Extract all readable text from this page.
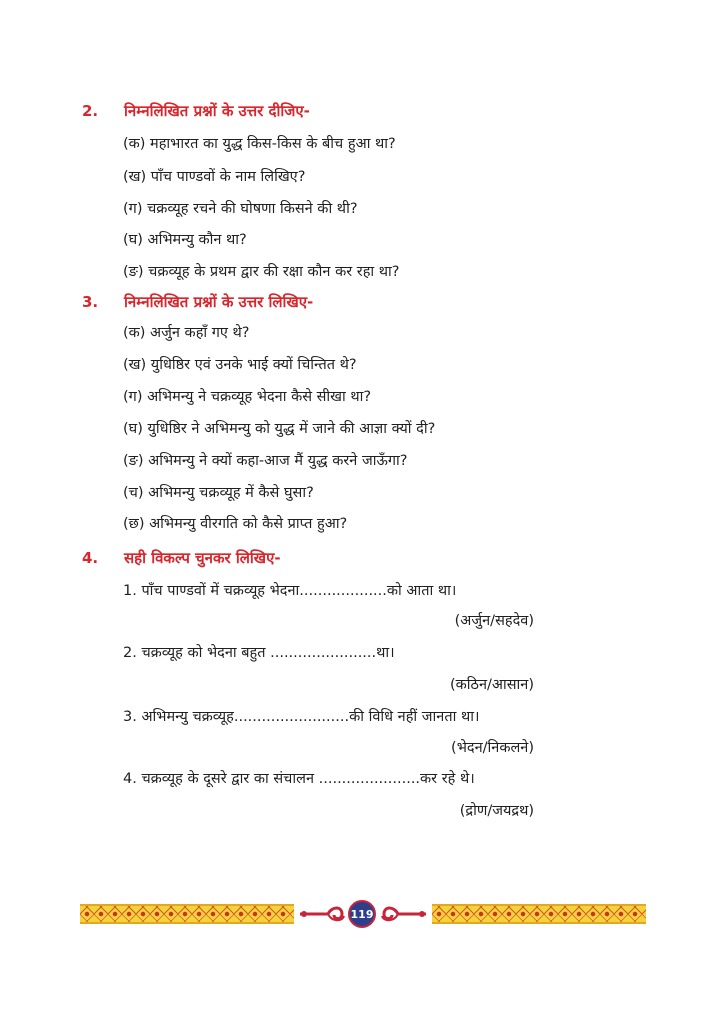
2. निम्नलिखित प्रश्नों के उत्तर दीजिए-
(क) महाभारत का युद्ध किस-किस के बीच हुआ था?
(ख) पाँच पाण्डवों के नाम लिखिए?
(ग) चक्रव्यूह रचने की घोषणा किसने की थी?
(घ) अभिमन्यु कौन था?
(ङ) चक्रव्यूह के प्रथम द्वार की रक्षा कौन कर रहा था?
3. निम्नलिखित प्रश्नों के उत्तर लिखिए-
(क) अर्जुन कहाँ गए थे?
(ख) युधिष्ठिर एवं उनके भाई क्यों चिन्तित थे?
(ग) अभिमन्यु ने चक्रव्यूह भेदना कैसे सीखा था?
(घ) युधिष्ठिर ने अभिमन्यु को युद्ध में जाने की आज्ञा क्यों दी?
(ङ) अभिमन्यु ने क्यों कहा-आज मैं युद्ध करने जाऊँगा?
(च) अभिमन्यु चक्रव्यूह में कैसे घुसा?
(छ) अभिमन्यु वीरगति को कैसे प्राप्त हुआ?
4. सही विकल्प चुनकर लिखिए-
1. पाँच पाण्डवों में चक्रव्यूह भेदना...................को आता था।
(अर्जुन/सहदेव)
2. चक्रव्यूह को भेदना बहुत .......................था।
(कठिन/आसान)
3. अभिमन्यु चक्रव्यूह.........................की विधि नहीं जानता था।
(भेदन/निकलने)
4. चक्रव्यूह के दूसरे द्वार का संचालन ......................कर रहे थे।
(द्रोण/जयद्रथ)
119
